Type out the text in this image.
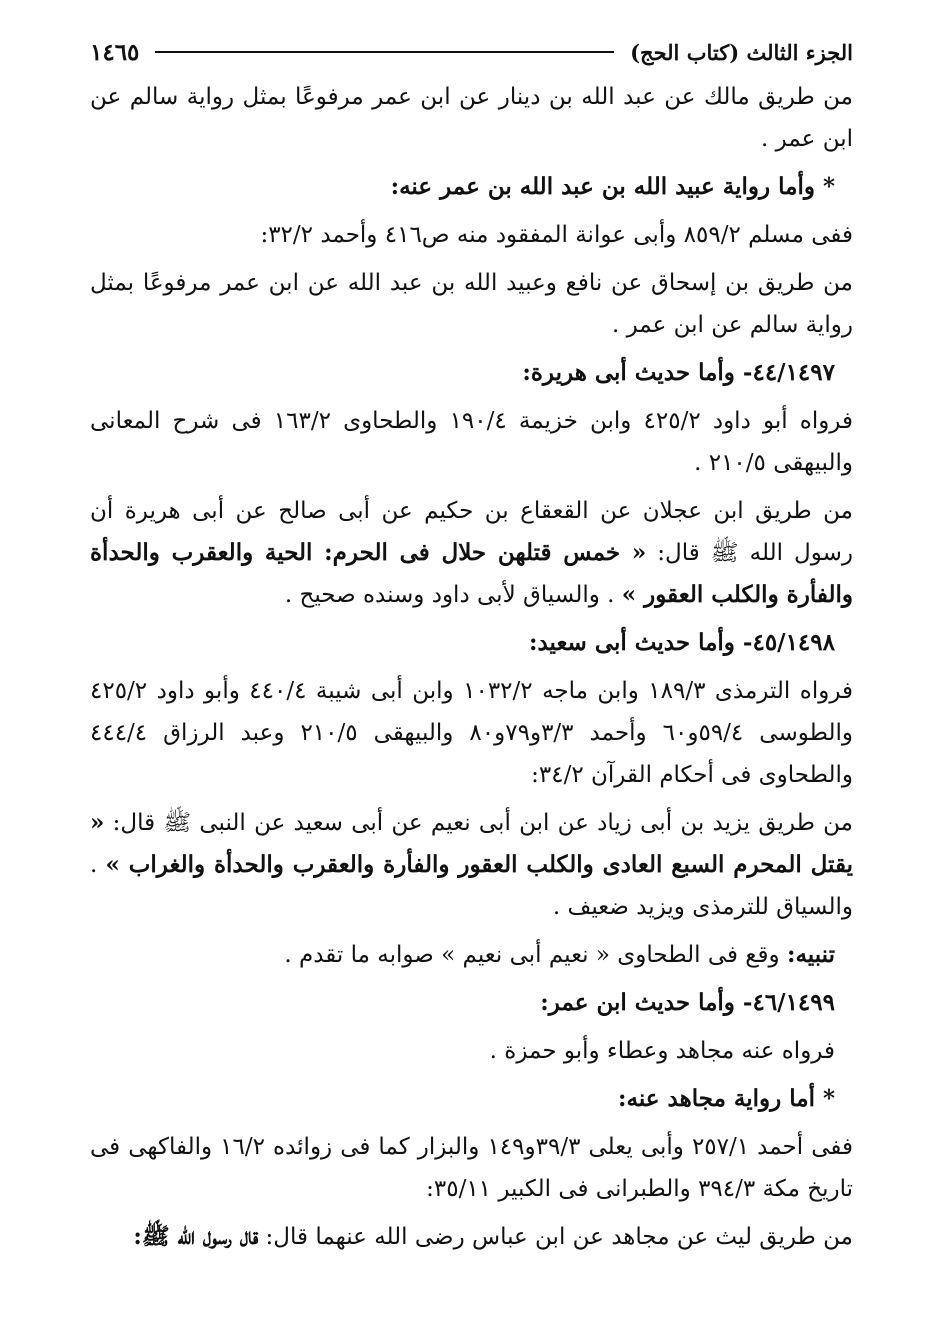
١٤٦٥	الجزء الثالث (كتاب الحج)

من طريق مالك عن عبد الله بن دينار عن ابن عمر مرفوعًا بمثل رواية سالم عن ابن عمر .

* وأما رواية عبيد الله بن عبد الله بن عمر عنه:

ففى مسلم ٨٥٩/٢ وأبى عوانة المفقود منه ص٤١٦ وأحمد ٣٢/٢:

من طريق بن إسحاق عن نافع وعبيد الله بن عبد الله عن ابن عمر مرفوعًا بمثل رواية سالم عن ابن عمر .

٤٤/١٤٩٧- وأما حديث أبى هريرة:

فرواه أبو داود ٤٢٥/٢ وابن خزيمة ١٩٠/٤ والطحاوى ١٦٣/٢ فى شرح المعانى والبيهقى ٢١٠/٥ .

من طريق ابن عجلان عن القعقاع بن حكيم عن أبى صالح عن أبى هريرة أن رسول الله ﷺ قال: « خمس قتلهن حلال فى الحرم: الحية والعقرب والحدأة والفأرة والكلب العقور » . والسياق لأبى داود وسنده صحيح .

٤٥/١٤٩٨- وأما حديث أبى سعيد:

فرواه الترمذى ١٨٩/٣ وابن ماجه ١٠٣٢/٢ وابن أبى شيبة ٤٤٠/٤ وأبو داود ٤٢٥/٢ والطوسى ٥٩/٤و٦٠ وأحمد ٣/٣و٧٩و٨٠ والبيهقى ٢١٠/٥ وعبد الرزاق ٤٤٤/٤ والطحاوى فى أحكام القرآن ٣٤/٢:

من طريق يزيد بن أبى زياد عن ابن أبى نعيم عن أبى سعيد عن النبى ﷺ قال: « يقتل المحرم السبع العادى والكلب العقور والفأرة والعقرب والحدأة والغراب » . والسياق للترمذى ويزيد ضعيف .

تنبيه: وقع فى الطحاوى « نعيم أبى نعيم » صوابه ما تقدم .

٤٦/١٤٩٩- وأما حديث ابن عمر:

فرواه عنه مجاهد وعطاء وأبو حمزة .

* أما رواية مجاهد عنه:

ففى أحمد ٢٥٧/١ وأبى يعلى ٣٩/٣و١٤٩ والبزار كما فى زوائده ١٦/٢ والفاكهى فى تاريخ مكة ٣٩٤/٣ والطبرانى فى الكبير ٣٥/١١:

من طريق ليث عن مجاهد عن ابن عباس رضى الله عنهما قال: قال رسول الله ﷺ:
